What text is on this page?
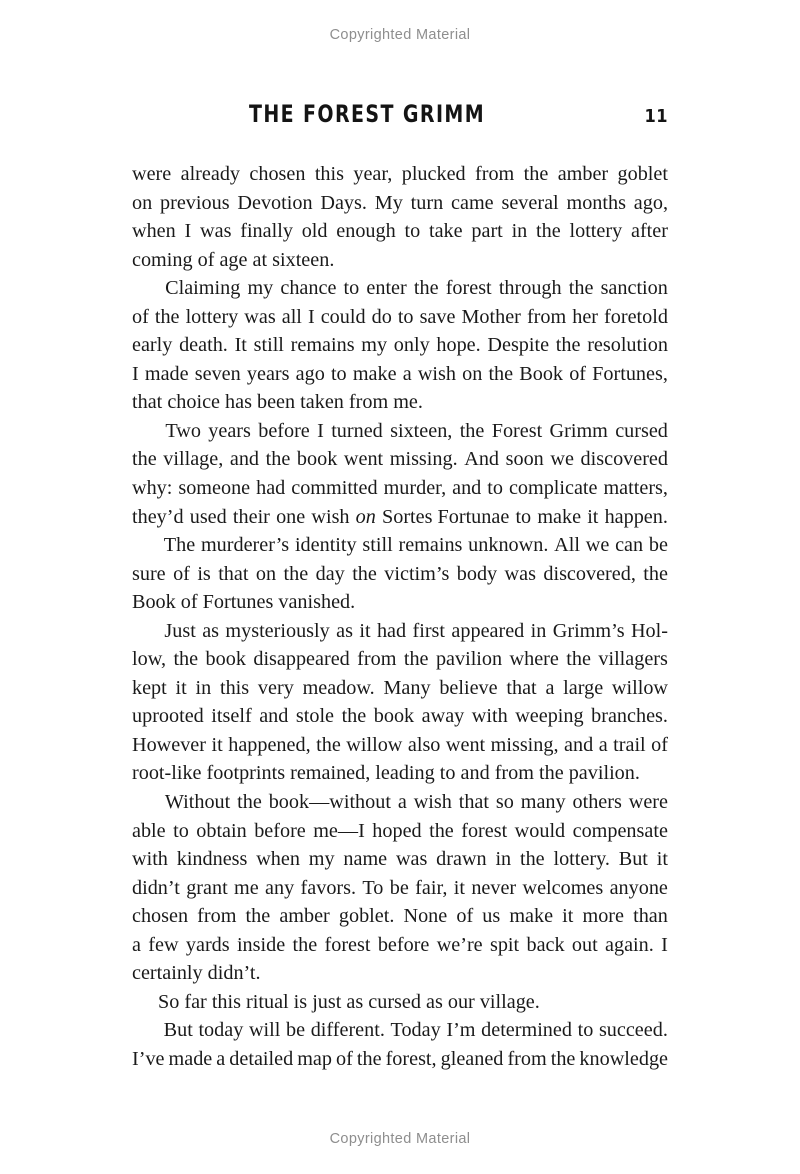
Copyrighted Material
THE FOREST GRIMM	11

were already chosen this year, plucked from the amber goblet
on previous Devotion Days. My turn came several months ago,
when I was finally old enough to take part in the lottery after
coming of age at sixteen.

Claiming my chance to enter the forest through the sanction
of the lottery was all I could do to save Mother from her foretold
early death. It still remains my only hope. Despite the resolution
I made seven years ago to make a wish on the Book of Fortunes,
that choice has been taken from me.

Two years before I turned sixteen, the Forest Grimm cursed
the village, and the book went missing. And soon we discovered
why: someone had committed murder, and to complicate matters,
they’d used their one wish on Sortes Fortunae to make it happen.

The murderer’s identity still remains unknown. All we can be
sure of is that on the day the victim’s body was discovered, the
Book of Fortunes vanished.

Just as mysteriously as it had first appeared in Grimm’s Hol-
low, the book disappeared from the pavilion where the villagers
kept it in this very meadow. Many believe that a large willow
uprooted itself and stole the book away with weeping branches.
However it happened, the willow also went missing, and a trail of
root-like footprints remained, leading to and from the pavilion.

Without the book—without a wish that so many others were
able to obtain before me—I hoped the forest would compensate
with kindness when my name was drawn in the lottery. But it
didn’t grant me any favors. To be fair, it never welcomes anyone
chosen from the amber goblet. None of us make it more than
a few yards inside the forest before we’re spit back out again. I
certainly didn’t.

So far this ritual is just as cursed as our village.

But today will be different. Today I’m determined to succeed.
I’ve made a detailed map of the forest, gleaned from the knowledge

Copyrighted Material
